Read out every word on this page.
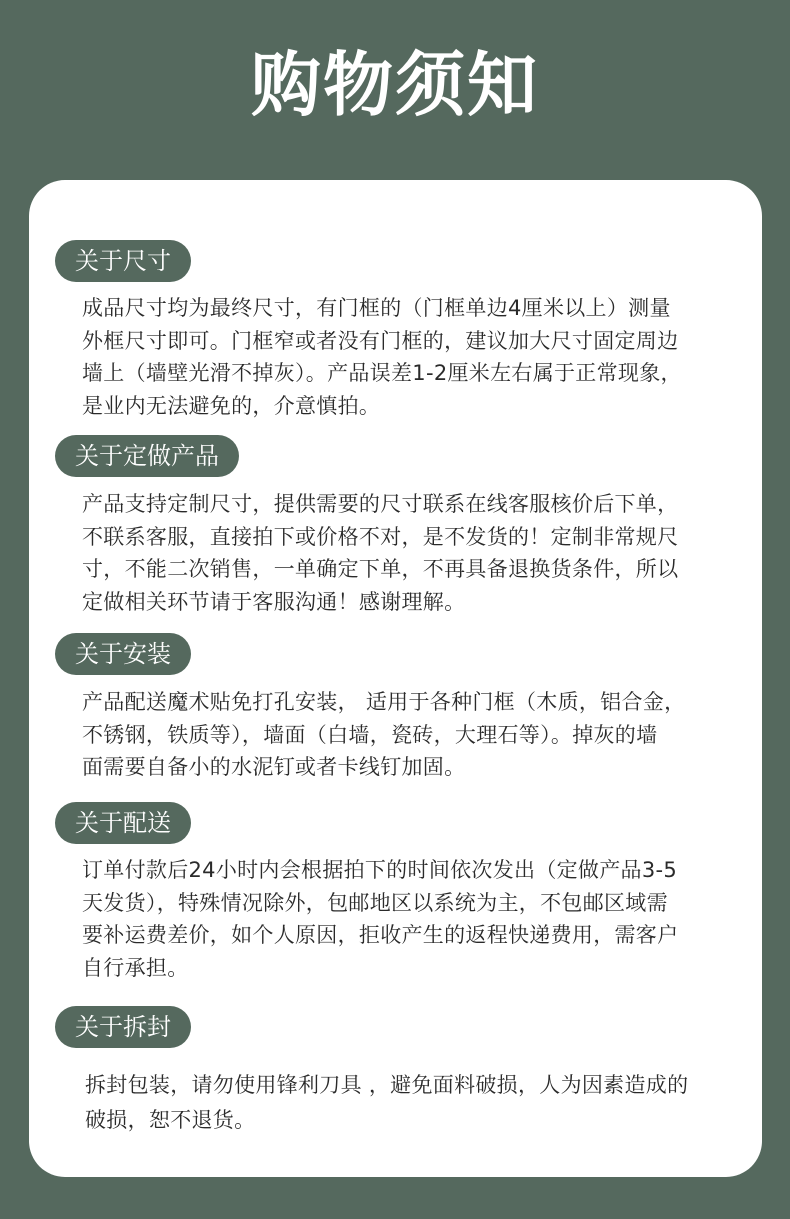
购物须知
关于尺寸

成品尺寸均为最终尺寸，有门框的（门框单边4厘米以上）测量

外框尺寸即可。门框窄或者没有门框的，建议加大尺寸固定周边

墙上（墙壁光滑不掉灰）。产品误差1-2厘米左右属于正常现象，

是业内无法避免的，介意慎拍。

关于定做产品

产品支持定制尺寸，提供需要的尺寸联系在线客服核价后下单，

不联系客服，直接拍下或价格不对，是不发货的！定制非常规尺

寸，不能二次销售，一单确定下单，不再具备退换货条件，所以

定做相关环节请于客服沟通！感谢理解。

关于安装

产品配送魔术贴免打孔安装， 适用于各种门框（木质，铝合金，

不锈钢，铁质等），墙面（白墙，瓷砖，大理石等）。掉灰的墙

面需要自备小的水泥钉或者卡线钉加固。

关于配送

订单付款后24小时内会根据拍下的时间依次发出（定做产品3-5

天发货），特殊情况除外，包邮地区以系统为主，不包邮区域需

要补运费差价，如个人原因，拒收产生的返程快递费用，需客户

自行承担。

关于拆封

拆封包装，请勿使用锋利刀具 ，避免面料破损，人为因素造成的

破损，恕不退货。
